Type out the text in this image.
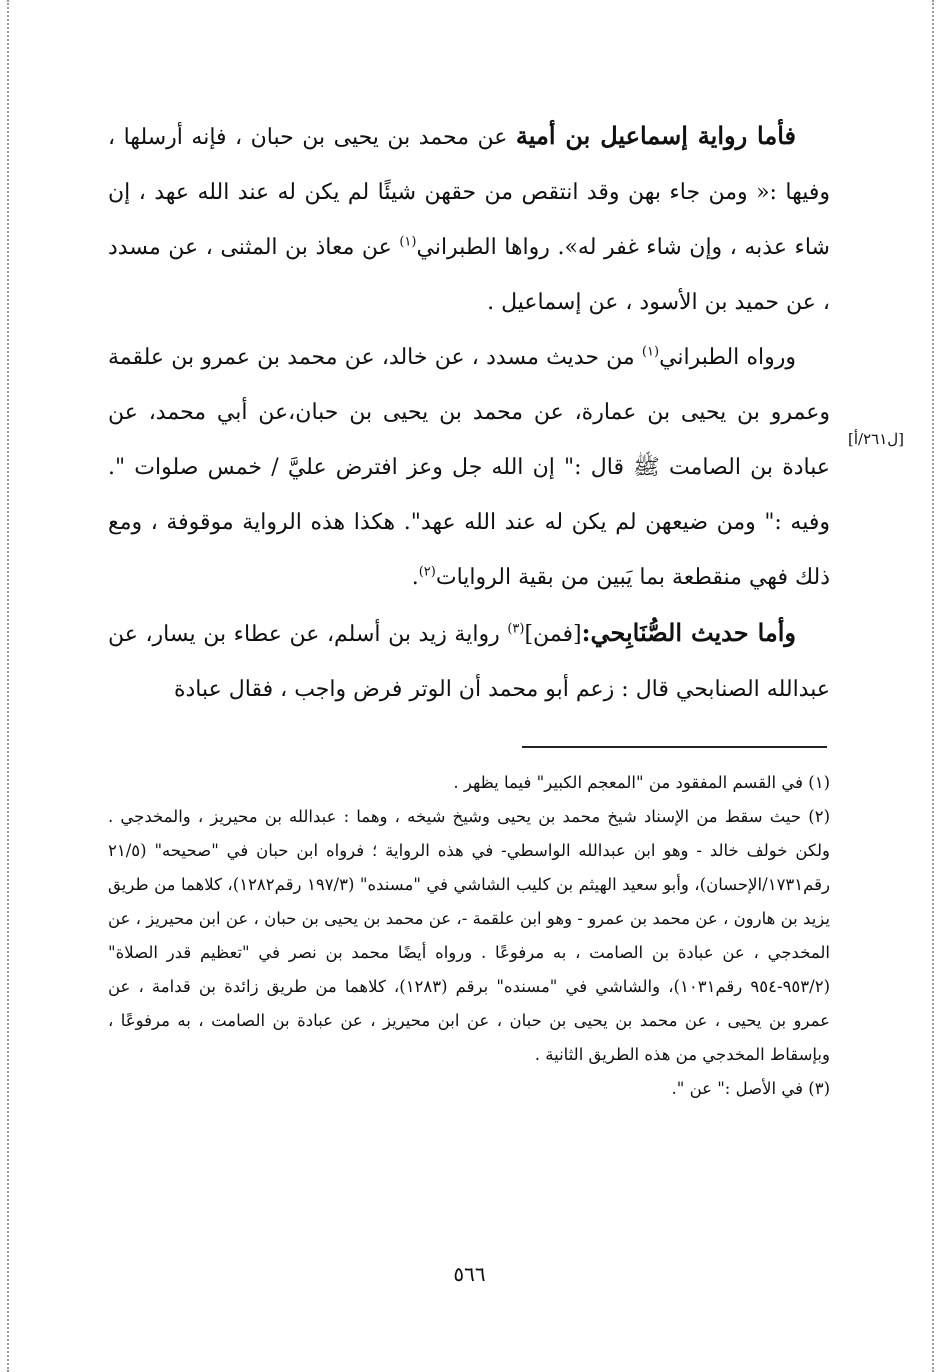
فأما رواية إسماعيل بن أمية عن محمد بن يحيى بن حبان ، فإنه أرسلها ، وفيها :« ومن جاء بهن وقد انتقص من حقهن شيئًا لم يكن له عند الله عهد ، إن شاء عذبه ، وإن شاء غفر له». رواها الطبراني$^{(١)}$ عن معاذ بن المثنى ، عن مسدد ، عن حميد بن الأسود ، عن إسماعيل .

ورواه الطبراني$^{(١)}$ من حديث مسدد ، عن خالد، عن محمد بن عمرو بن علقمة وعمرو بن يحيى بن عمارة، عن محمد بن يحيى بن حبان،عن أبي محمد، عن عبادة بن الصامت ﷺ قال :" إن الله جل وعز افترض عليَّ / خمس صلوات ". وفيه :" ومن ضيعهن لم يكن له عند الله عهد". هكذا هذه الرواية موقوفة ، ومع ذلك فهي منقطعة بما يَبين من بقية الروايات$^{(٢)}$.

وأما حديث الصُّنَابِحي:[فمن]$^{(٣)}$ رواية زيد بن أسلم، عن عطاء بن يسار، عن عبدالله الصنابحي قال : زعم أبو محمد أن الوتر فرض واجب ، فقال عبادة

[ل٢٦١/أ]

(١) في القسم المفقود من "المعجم الكبير" فيما يظهر .

(٢) حيث سقط من الإسناد شيخ محمد بن يحيى وشيخ شيخه ، وهما : عبدالله بن محيريز ، والمخدجي . ولكن خولف خالد - وهو ابن عبدالله الواسطي- في هذه الرواية ؛ فرواه ابن حبان في "صحيحه" (٢١/٥ رقم١٧٣١/الإحسان)، وأبو سعيد الهيثم بن كليب الشاشي في "مسنده" (١٩٧/٣ رقم١٢٨٢)، كلاهما من طريق يزيد بن هارون ، عن محمد بن عمرو - وهو ابن علقمة -، عن محمد بن يحيى بن حبان ، عن ابن محيريز ، عن المخدجي ، عن عبادة بن الصامت ، به مرفوعًا . ورواه أيضًا محمد بن نصر في "تعظيم قدر الصلاة" (٩٥٣/٢-٩٥٤ رقم١٠٣١)، والشاشي في "مسنده" برقم (١٢٨٣)، كلاهما من طريق زائدة بن قدامة ، عن عمرو بن يحيى ، عن محمد بن يحيى بن حبان ، عن ابن محيريز ، عن عبادة بن الصامت ، به مرفوعًا ، وبإسقاط المخدجي من هذه الطريق الثانية .

(٣) في الأصل :" عن ".

٥٦٦
